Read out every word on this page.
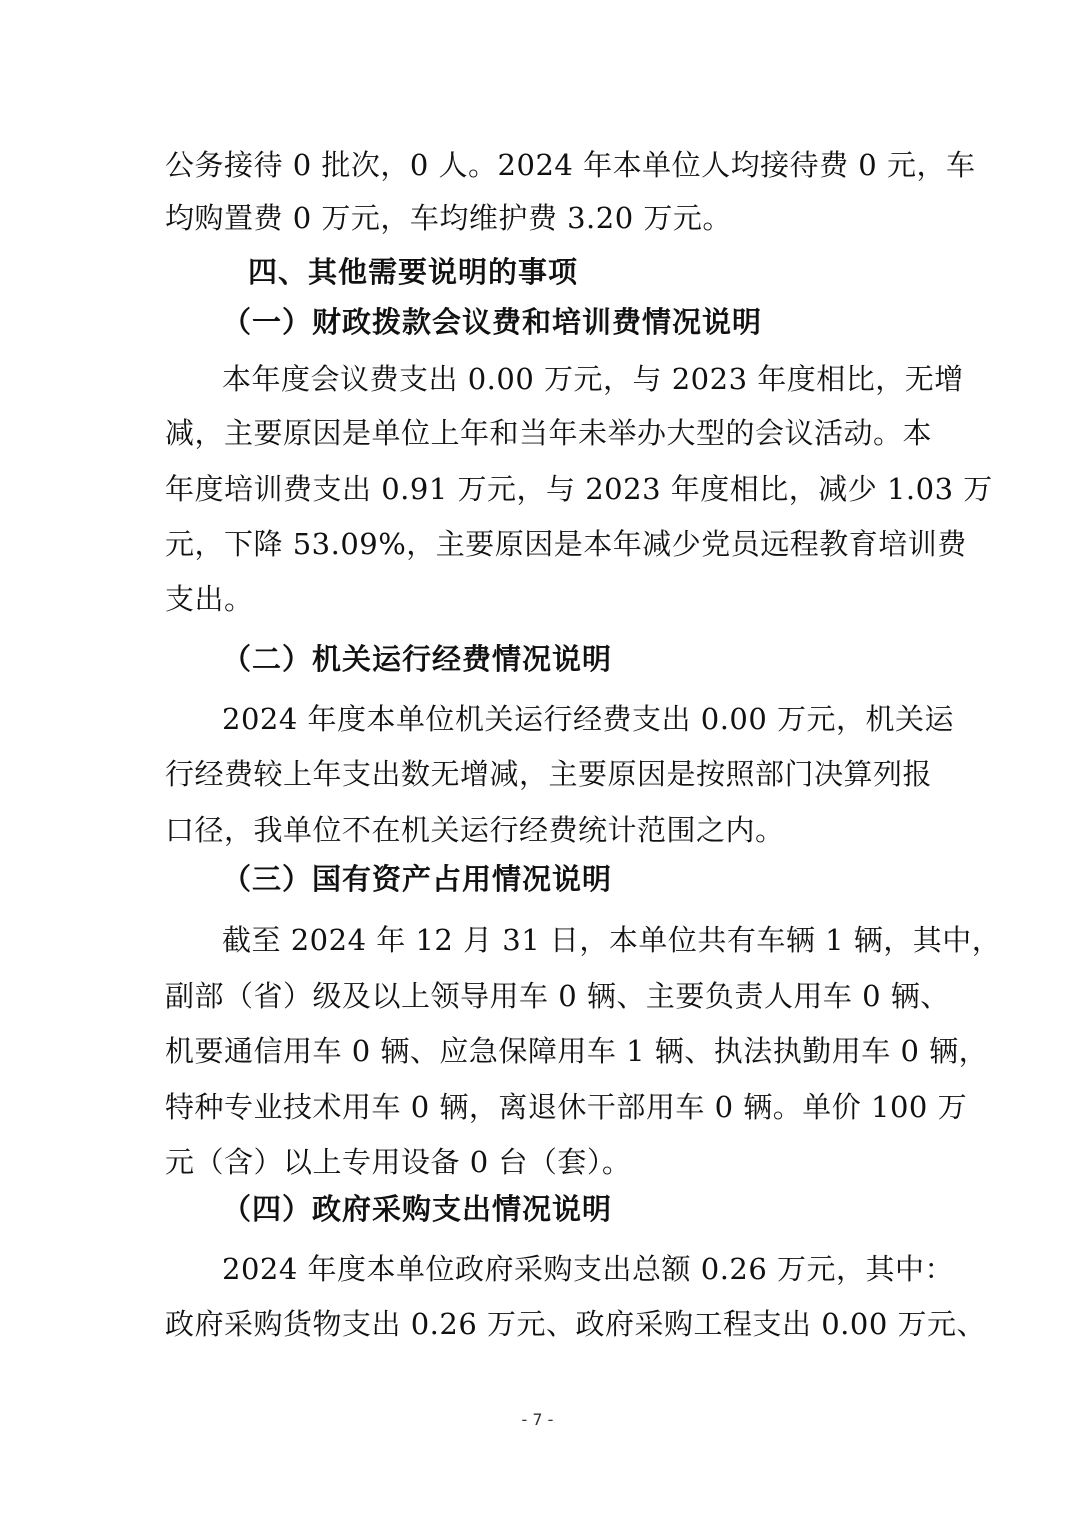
公务接待 0 批次，0 人。2024 年本单位人均接待费 0 元，车
均购置费 0 万元，车均维护费 3.20 万元。
四、其他需要说明的事项
（一）财政拨款会议费和培训费情况说明
本年度会议费支出 0.00 万元，与 2023 年度相比，无增
减，主要原因是单位上年和当年未举办大型的会议活动。本
年度培训费支出 0.91 万元，与 2023 年度相比，减少 1.03 万
元，下降 53.09%，主要原因是本年减少党员远程教育培训费
支出。
（二）机关运行经费情况说明
2024 年度本单位机关运行经费支出 0.00 万元，机关运
行经费较上年支出数无增减，主要原因是按照部门决算列报
口径，我单位不在机关运行经费统计范围之内。
（三）国有资产占用情况说明
截至 2024 年 12 月 31 日，本单位共有车辆 1 辆，其中，
副部（省）级及以上领导用车 0 辆、主要负责人用车 0 辆、
机要通信用车 0 辆、应急保障用车 1 辆、执法执勤用车 0 辆，
特种专业技术用车 0 辆，离退休干部用车 0 辆。单价 100 万
元（含）以上专用设备 0 台（套）。
（四）政府采购支出情况说明
2024 年度本单位政府采购支出总额 0.26 万元，其中：
政府采购货物支出 0.26 万元、政府采购工程支出 0.00 万元、
- 7 -
